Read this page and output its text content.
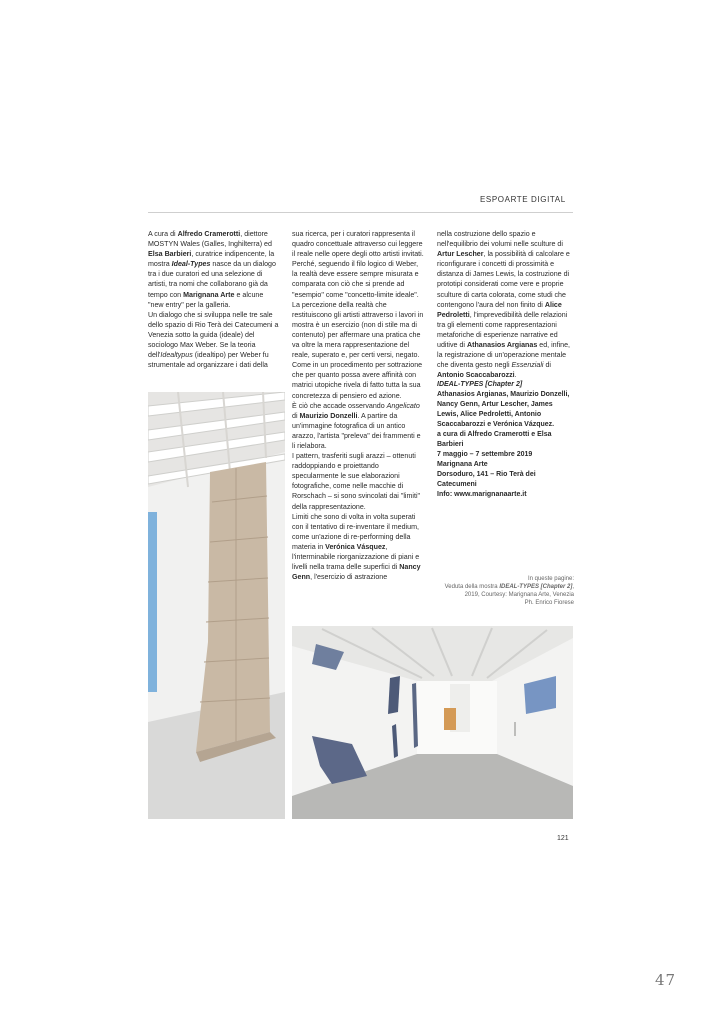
ESPOARTE DIGITAL

A cura di Alfredo Cramerotti, diettore MOSTYN Wales (Galles, Inghilterra) ed Elsa Barbieri, curatrice indipencente, la mostra Ideal-Types nasce da un dialogo tra i due curatori ed una selezione di artisti, tra nomi che collaborano già da tempo con Marignana Arte e alcune "new entry" per la galleria.

Un dialogo che si sviluppa nelle tre sale dello spazio di Rio Terà dei Catecumeni a Venezia sotto la guida (ideale) del sociologo Max Weber. Se la teoria dell'Idealtypus (idealtipo) per Weber fu strumentale ad organizzare i dati della

sua ricerca, per i curatori rappresenta il quadro concettuale attraverso cui leggere il reale nelle opere degli otto artisti invitati. Perché, seguendo il filo logico di Weber, la realtà deve essere sempre misurata e comparata con ciò che si prende ad "esempio" come "concetto-limite ideale".

La percezione della realtà che restituiscono gli artisti attraverso i lavori in mostra è un esercizio (non di stile ma di contenuto) per affermare una pratica che va oltre la mera rappresentazione del reale, superato e, per certi versi, negato.

Come in un procedimento per sottrazione che per quanto possa avere affinità con matrici utopiche rivela di fatto tutta la sua concretezza di pensiero ed azione.

È ciò che accade osservando Angelicato di Maurizio Donzelli. A partire da un'immagine fotografica di un antico arazzo, l'artista "preleva" dei frammenti e li rielabora.

I pattern, trasferiti sugli arazzi – ottenuti raddoppiando e proiettando specularmente le sue elaborazioni fotografiche, come nelle macchie di Rorschach – si sono svincolati dai "limiti" della rappresentazione.

Limiti che sono di volta in volta superati con il tentativo di re-inventare il medium, come un'azione di re-performing della materia in Verónica Vásquez, l'interminabile riorganizzazione di piani e livelli nella trama delle superfici di Nancy Genn, l'esercizio di astrazione

nella costruzione dello spazio e nell'equilibrio dei volumi nelle sculture di Artur Lescher, la possibilità di calcolare e riconfigurare i concetti di prossimità e distanza di James Lewis, la costruzione di prototipi considerati come vere e proprie sculture di carta colorata, come studi che contengono l'aura del non finito di Alice Pedroletti, l'imprevedibilità delle relazioni tra gli elementi come rappresentazioni metaforiche di esperienze narrative ed uditive di Athanasios Argianas ed, infine, la registrazione di un'operazione mentale che diventa gesto negli Essenziali di Antonio Scaccabarozzi.

IDEAL-TYPES [Chapter 2]
Athanasios Argianas, Maurizio Donzelli, Nancy Genn, Artur Lescher, James Lewis, Alice Pedroletti, Antonio Scaccabarozzi e Verónica Vázquez.
a cura di Alfredo Cramerotti e Elsa Barbieri
7 maggio – 7 settembre 2019
Marignana Arte
Dorsoduro, 141 – Rio Terà dei Catecumeni
Info: www.marignanaarte.it
In queste pagine:
Veduta della mostra IDEAL-TYPES [Chapter 2],
2019, Courtesy: Marignana Arte, Venezia
Ph. Enrico Fiorese
121
47
